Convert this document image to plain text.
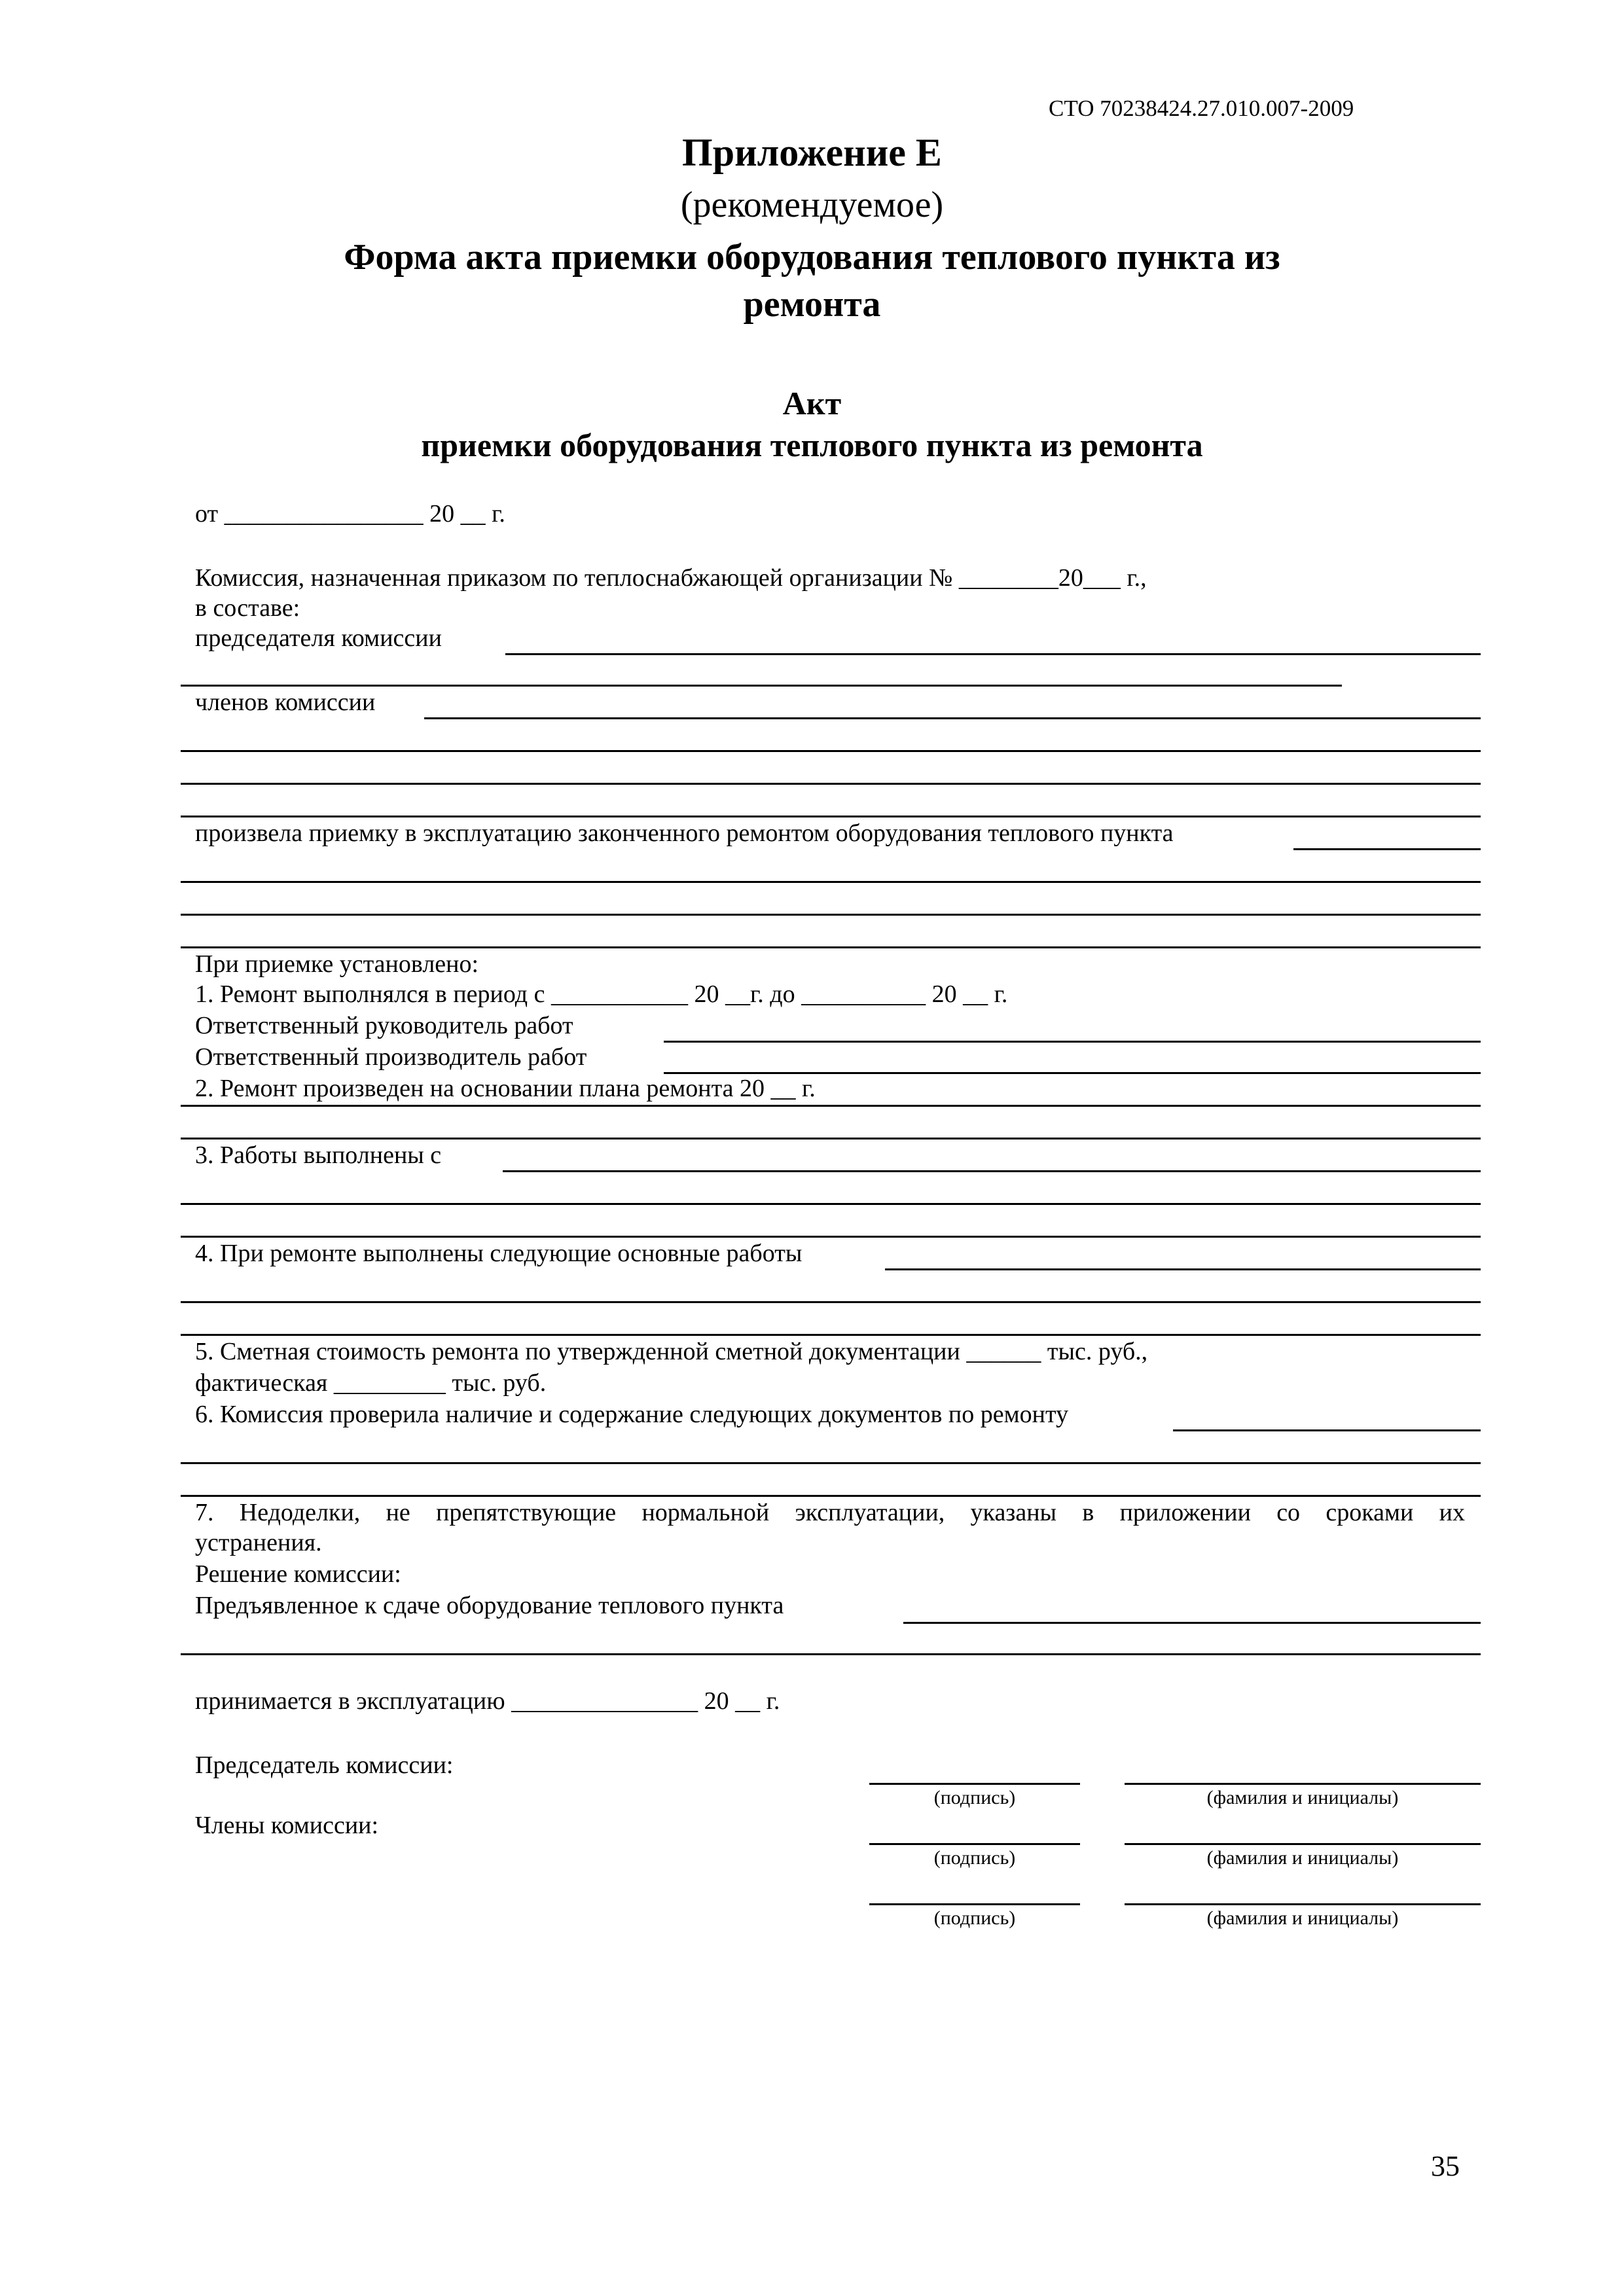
СТО 70238424.27.010.007-2009
Приложение Е
(рекомендуемое)
Форма акта приемки оборудования теплового пункта из
ремонта
Акт
приемки оборудования теплового пункта из ремонта
от ________________ 20 __ г.
Комиссия, назначенная приказом по теплоснабжающей организации № ________20___ г.,
в составе:
председателя комиссии
членов комиссии
произвела приемку в эксплуатацию законченного ремонтом оборудования теплового пункта
При приемке установлено:
1. Ремонт выполнялся в период с ___________ 20 __г. до __________ 20 __ г.
Ответственный руководитель работ
Ответственный производитель работ
2. Ремонт произведен на основании плана ремонта 20 __ г.
3. Работы выполнены с
4. При ремонте выполнены следующие основные работы
5. Сметная стоимость ремонта по утвержденной сметной документации ______ тыс. руб.,
фактическая _________ тыс. руб.
6. Комиссия проверила наличие и содержание следующих документов по ремонту
7. Недоделки, не препятствующие нормальной эксплуатации, указаны в приложении со сроками их
устранения.
Решение комиссии:
Предъявленное к сдаче оборудование теплового пункта
принимается в эксплуатацию _______________ 20 __ г.
Председатель комиссии:
(подпись)	(фамилия и инициалы)
Члены комиссии:
(подпись)	(фамилия и инициалы)
(подпись)	(фамилия и инициалы)
35
